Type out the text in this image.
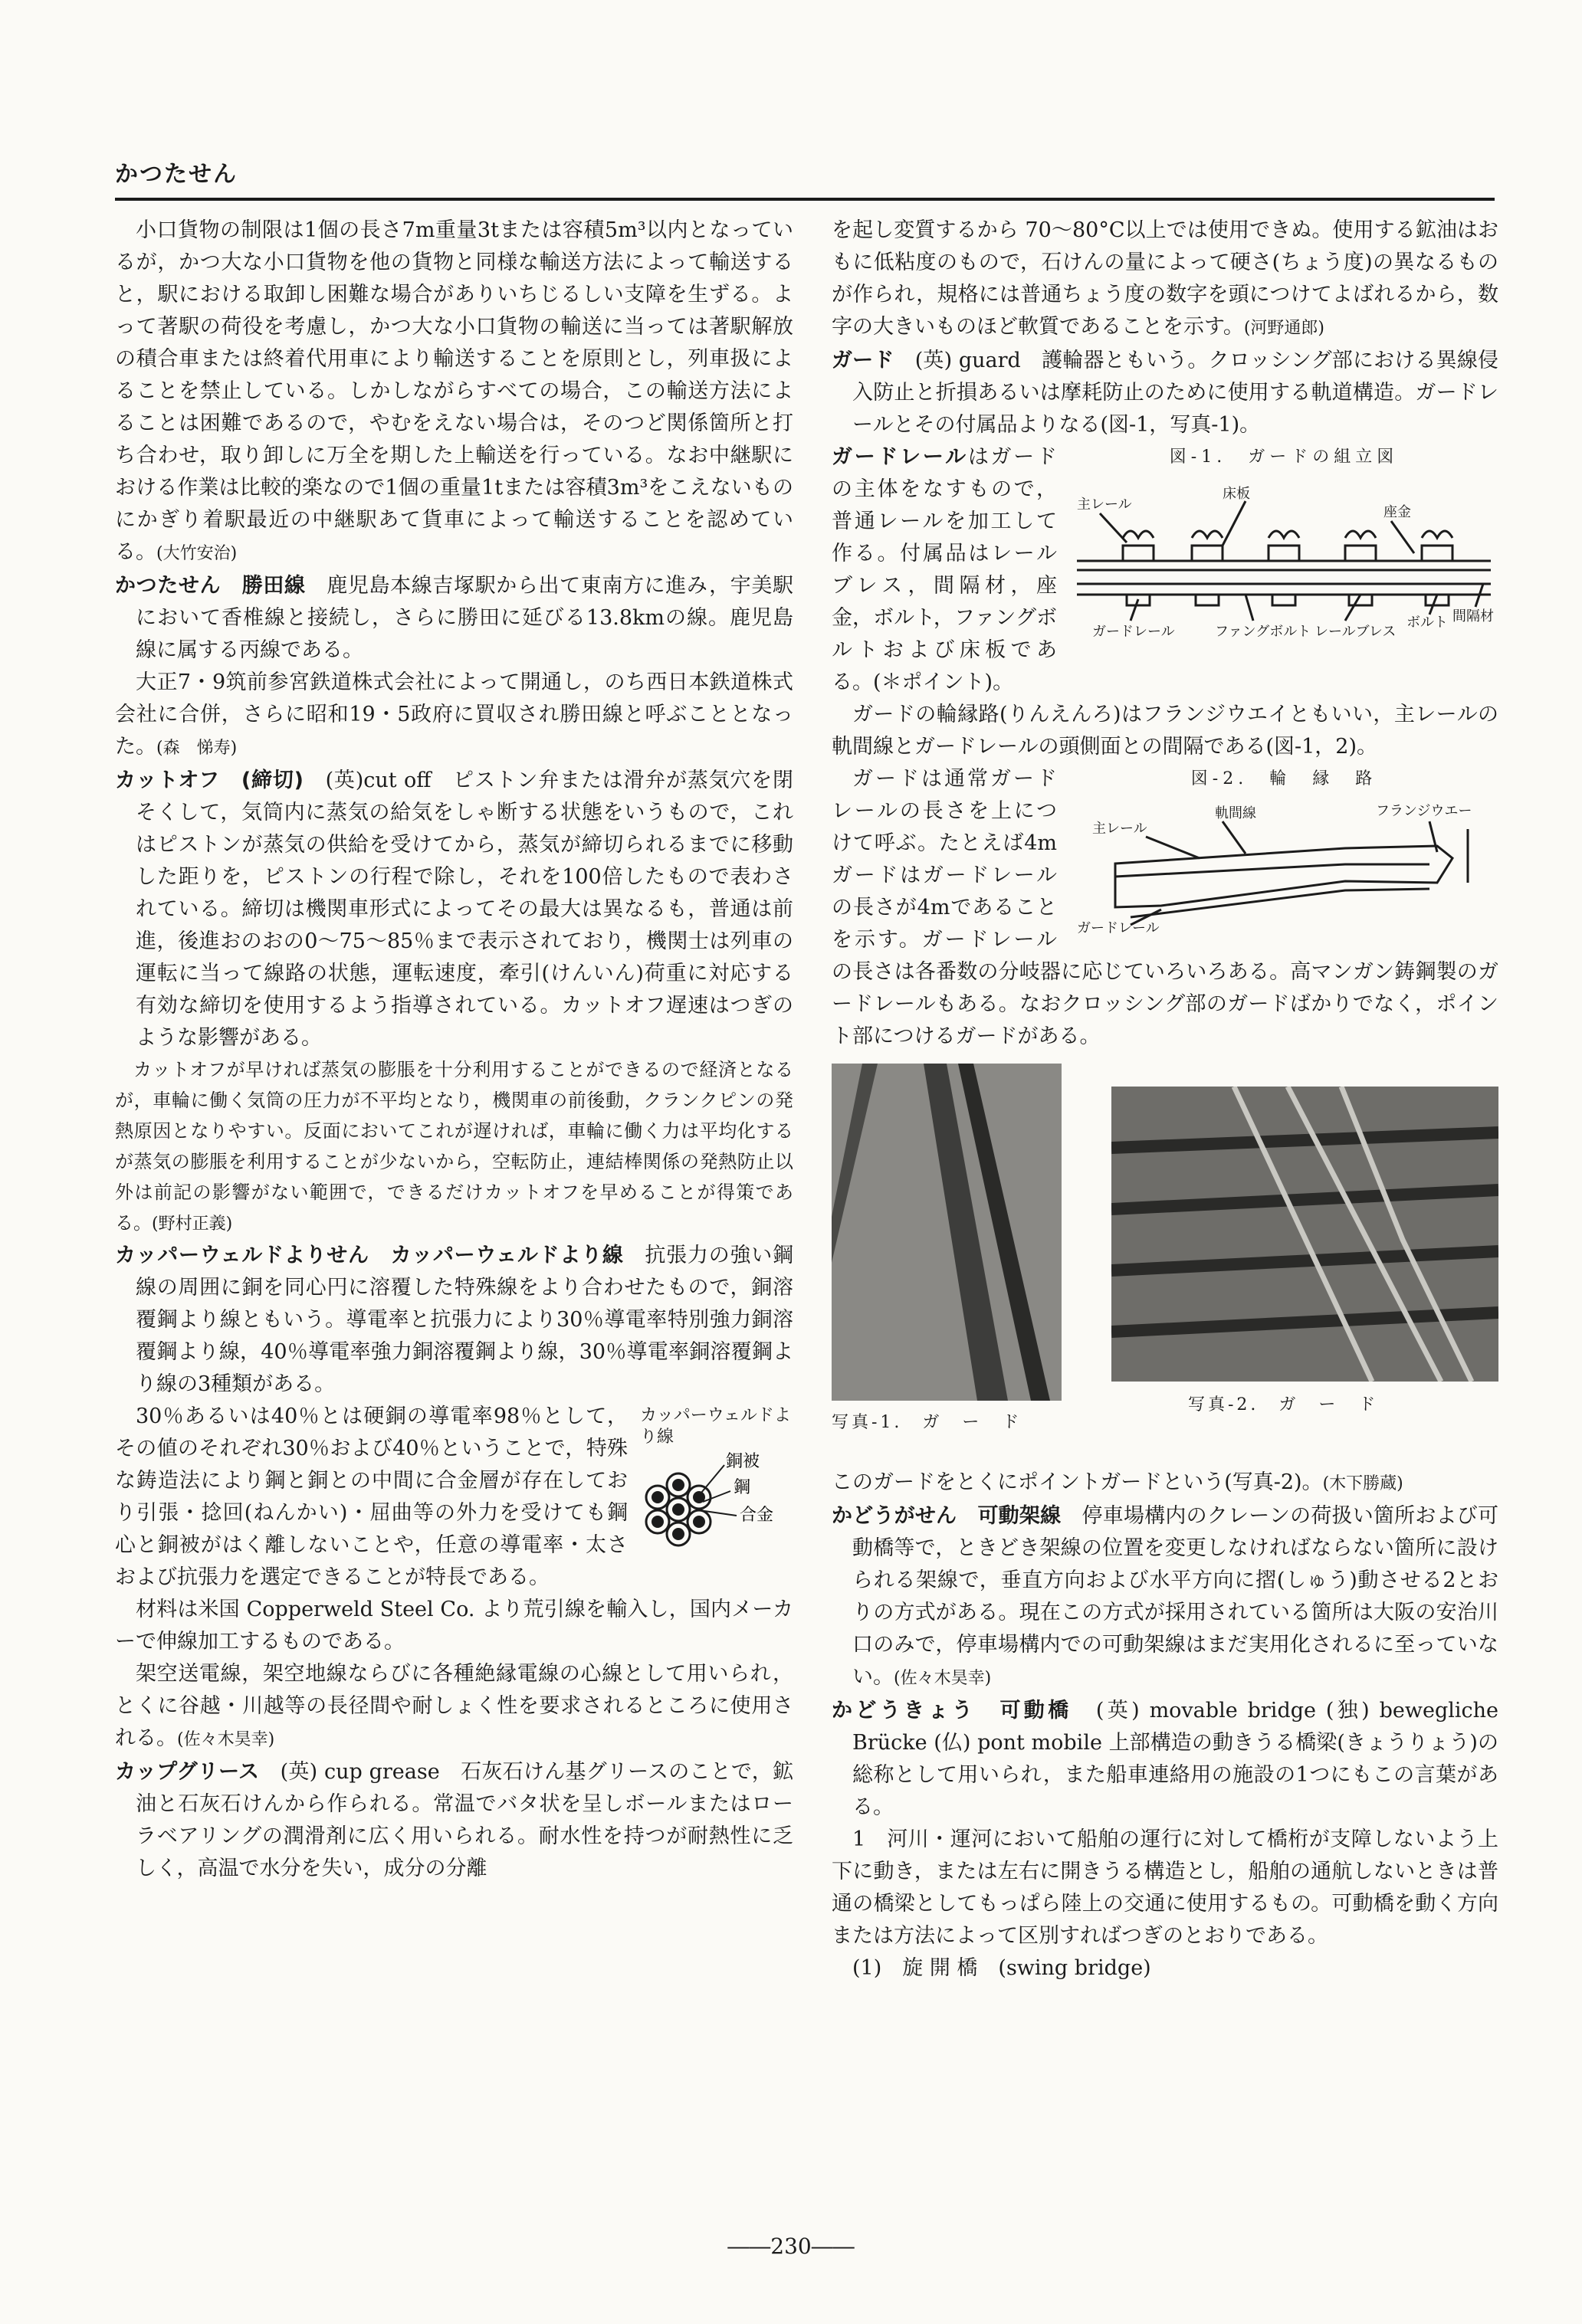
かつたせん

小口貨物の制限は1個の長さ7m重量3tまたは容積5m³以内となっているが，かつ大な小口貨物を他の貨物と同様な輸送方法によって輸送すると，駅における取卸し困難な場合がありいちじるしい支障を生ずる。よって著駅の荷役を考慮し，かつ大な小口貨物の輸送に当っては著駅解放の積合車または終着代用車により輸送することを原則とし，列車扱によることを禁止している。しかしながらすべての場合，この輸送方法によることは困難であるので，やむをえない場合は，そのつど関係箇所と打ち合わせ，取り卸しに万全を期した上輸送を行っている。なお中継駅における作業は比較的楽なので1個の重量1tまたは容積3m³をこえないものにかぎり着駅最近の中継駅あて貨車によって輸送することを認めている。(大竹安治)

かつたせん　勝田線　 鹿児島本線吉塚駅から出て東南方に進み，宇美駅において香椎線と接続し，さらに勝田に延びる13.8kmの線。鹿児島線に属する丙線である。

大正7・9筑前参宮鉄道株式会社によって開通し，のち西日本鉄道株式会社に合併，さらに昭和19・5政府に買収され勝田線と呼ぶこととなった。(森　悌寿)

カットオフ　(締切)　 (英)cut off　ピストン弁または滑弁が蒸気穴を閉そくして，気筒内に蒸気の給気をしゃ断する状態をいうもので，これはピストンが蒸気の供給を受けてから，蒸気が締切られるまでに移動した距りを，ピストンの行程で除し，それを100倍したもので表わされている。締切は機関車形式によってその最大は異なるも，普通は前進，後進おのおの0～75～85％まで表示されており，機関士は列車の運転に当って線路の状態，運転速度，牽引(けんいん)荷重に対応する有効な締切を使用するよう指導されている。カットオフ遅速はつぎのような影響がある。

カットオフが早ければ蒸気の膨脹を十分利用することができるので経済となるが，車輪に働く気筒の圧力が不平均となり，機関車の前後動，クランクピンの発熱原因となりやすい。反面においてこれが遅ければ，車輪に働く力は平均化するが蒸気の膨脹を利用することが少ないから，空転防止，連結棒関係の発熱防止以外は前記の影響がない範囲で，できるだけカットオフを早めることが得策である。(野村正義)

カッパーウェルドよりせん　カッパーウェルドより線　 抗張力の強い鋼線の周囲に銅を同心円に溶覆した特殊線をより合わせたもので，銅溶覆鋼より線ともいう。導電率と抗張力により30％導電率特別強力銅溶覆鋼より線，40％導電率強力銅溶覆鋼より線，30％導電率銅溶覆鋼より線の3種類がある。

カッパーウェルドより線
銅被
鋼
合金

30％あるいは40％とは硬銅の導電率98％として，その値のそれぞれ30％および40％ということで，特殊な鋳造法により鋼と銅との中間に合金層が存在しており引張・捻回(ねんかい)・屈曲等の外力を受けても鋼心と銅被がはく離しないことや，任意の導電率・太さおよび抗張力を選定できることが特長である。

材料は米国 Copperweld Steel Co. より荒引線を輸入し，国内メーカーで伸線加工するものである。

架空送電線，架空地線ならびに各種絶縁電線の心線として用いられ，とくに谷越・川越等の長径間や耐しょく性を要求されるところに使用される。(佐々木昊幸)

カップグリース　 (英) cup grease　石灰石けん基グリースのことで，鉱油と石灰石けんから作られる。常温でバタ状を呈しボールまたはローラベアリングの潤滑剤に広く用いられる。耐水性を持つが耐熱性に乏しく，高温で水分を失い，成分の分離

を起し変質するから 70～80°C以上では使用できぬ。使用する鉱油はおもに低粘度のもので，石けんの量によって硬さ(ちょう度)の異なるものが作られ，規格には普通ちょう度の数字を頭につけてよばれるから，数字の大きいものほど軟質であることを示す。(河野通郎)

ガード　 (英) guard　護輪器ともいう。クロッシング部における異線侵入防止と折損あるいは摩耗防止のために使用する軌道構造。ガードレールとその付属品よりなる(図-1，写真-1)。

図-1.　ガードの組立図
主レール
床板
座金
ガードレール	ファングボルト レールブレス
ボルト 間隔材

ガードレールはガードの主体をなすもので，普通レールを加工して作る。付属品はレールブレス，間隔材，座金，ボルト，ファングボルトおよび床板である。(＊ポイント)。

ガードの輪縁路(りんえんろ)はフランジウエイともいい，主レールの軌間線とガードレールの頭側面との間隔である(図-1，2)。

図-2.　輪　縁　路
主レール
軌間線	フランジウエー
ガードレール

ガードは通常ガードレールの長さを上につけて呼ぶ。たとえば4mガードはガードレールの長さが4mであることを示す。ガードレールの長さは各番数の分岐器に応じていろいろある。高マンガン鋳鋼製のガードレールもある。なおクロッシング部のガードばかりでなく，ポイント部につけるガードがある。

写真-1.　ガ　ー　ド
写真-2.　ガ　ー　ド

このガードをとくにポイントガードという(写真-2)。(木下勝蔵)

かどうがせん　可動架線　 停車場構内のクレーンの荷扱い箇所および可動橋等で，ときどき架線の位置を変更しなければならない箇所に設けられる架線で，垂直方向および水平方向に摺(しゅう)動させる2とおりの方式がある。現在この方式が採用されている箇所は大阪の安治川口のみで，停車場構内での可動架線はまだ実用化されるに至っていない。(佐々木昊幸)

かどうきょう　可動橋　 (英) movable bridge (独) bewegliche Brücke (仏) pont mobile 上部構造の動きうる橋梁(きょうりょう)の総称として用いられ，また船車連絡用の施設の1つにもこの言葉がある。

1　河川・運河において船舶の運行に対して橋桁が支障しないよう上下に動き，または左右に開きうる構造とし，船舶の通航しないときは普通の橋梁としてもっぱら陸上の交通に使用するもの。可動橋を動く方向または方法によって区別すればつぎのとおりである。

(1)　旋 開 橋　(swing bridge)

――230――
